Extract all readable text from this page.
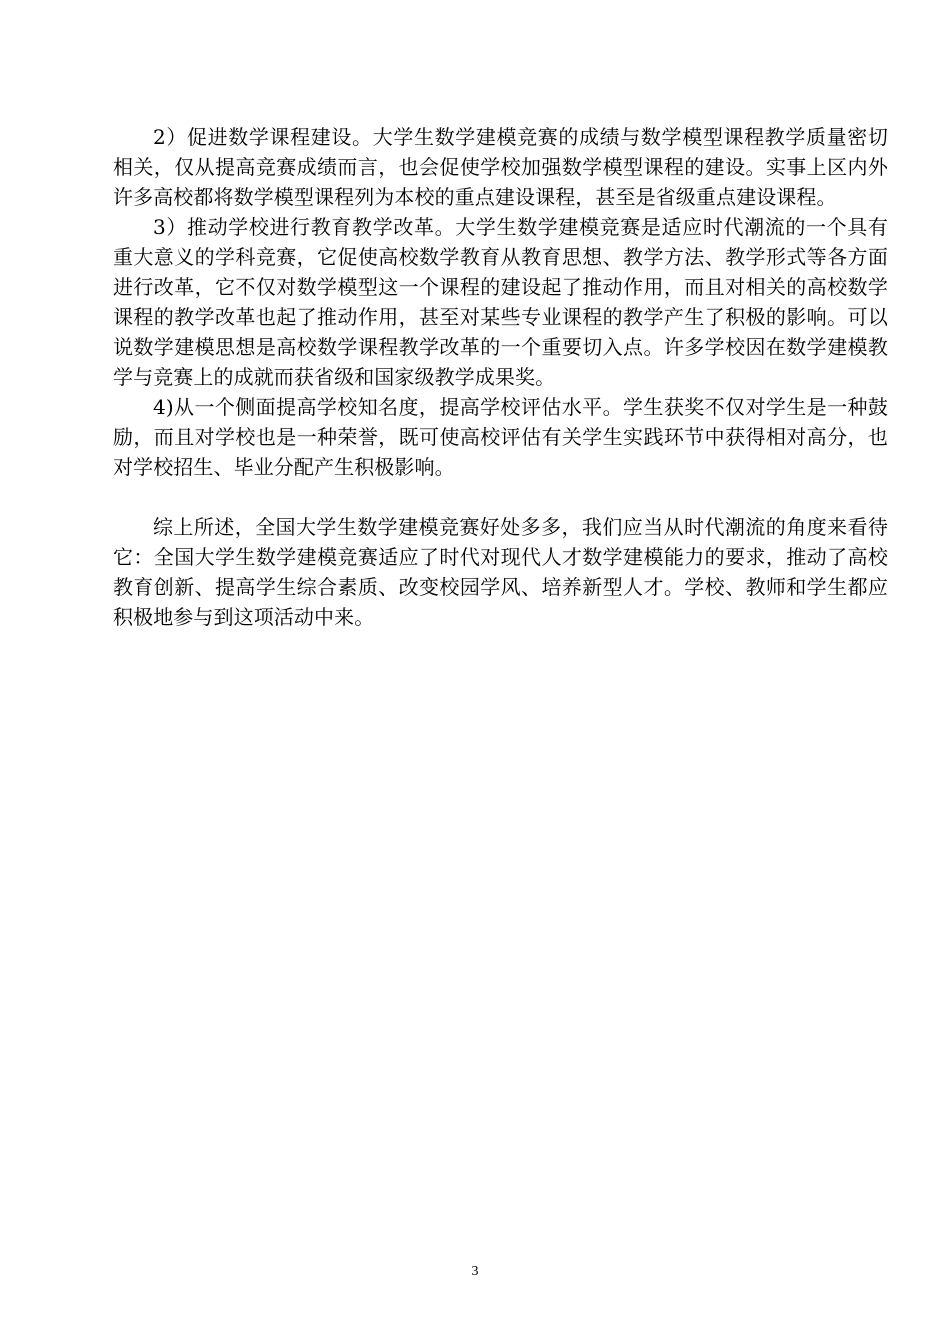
2）促进数学课程建设。大学生数学建模竞赛的成绩与数学模型课程教学质量密切相关，仅从提高竞赛成绩而言，也会促使学校加强数学模型课程的建设。实事上区内外许多高校都将数学模型课程列为本校的重点建设课程，甚至是省级重点建设课程。

3）推动学校进行教育教学改革。大学生数学建模竞赛是适应时代潮流的一个具有重大意义的学科竞赛，它促使高校数学教育从教育思想、教学方法、教学形式等各方面进行改革，它不仅对数学模型这一个课程的建设起了推动作用，而且对相关的高校数学课程的教学改革也起了推动作用，甚至对某些专业课程的教学产生了积极的影响。可以说数学建模思想是高校数学课程教学改革的一个重要切入点。许多学校因在数学建模教学与竞赛上的成就而获省级和国家级教学成果奖。

4)从一个侧面提高学校知名度，提高学校评估水平。学生获奖不仅对学生是一种鼓励，而且对学校也是一种荣誉，既可使高校评估有关学生实践环节中获得相对高分，也对学校招生、毕业分配产生积极影响。

综上所述，全国大学生数学建模竞赛好处多多，我们应当从时代潮流的角度来看待它：全国大学生数学建模竞赛适应了时代对现代人才数学建模能力的要求，推动了高校教育创新、提高学生综合素质、改变校园学风、培养新型人才。学校、教师和学生都应积极地参与到这项活动中来。

3
